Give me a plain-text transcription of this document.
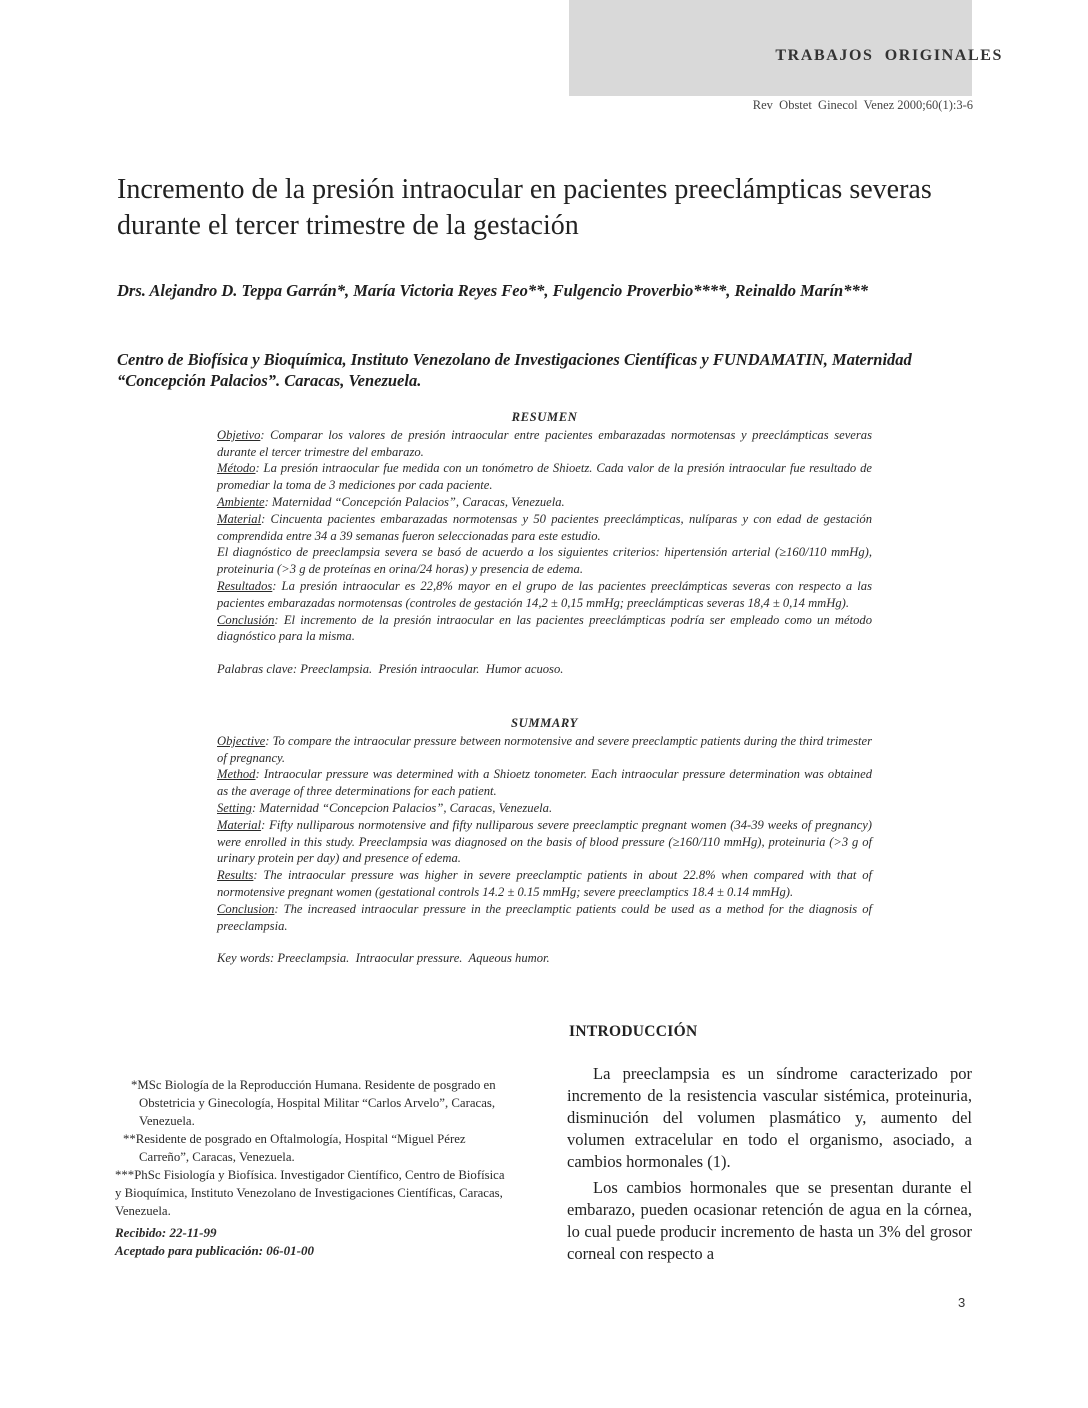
TRABAJOS  ORIGINALES
Rev  Obstet  Ginecol  Venez 2000;60(1):3-6
Incremento de la presión intraocular en pacientes preeclámpticas severas durante el tercer trimestre de la gestación

Drs. Alejandro D. Teppa Garrán*, María Victoria Reyes Feo**, Fulgencio Proverbio****, Reinaldo Marín***

Centro de Biofísica y Bioquímica, Instituto Venezolano de Investigaciones Científicas y FUNDAMATIN, Maternidad “Concepción Palacios”. Caracas, Venezuela.

RESUMEN

Objetivo: Comparar los valores de presión intraocular entre pacientes embarazadas normotensas y preeclámpticas severas durante el tercer trimestre del embarazo.

Método: La presión intraocular fue medida con un tonómetro de Shioetz. Cada valor de la presión intraocular fue resultado de promediar la toma de 3 mediciones por cada paciente.

Ambiente: Maternidad “Concepción Palacios”, Caracas, Venezuela.

Material: Cincuenta pacientes embarazadas normotensas y 50 pacientes preeclámpticas, nulíparas y con edad de gestación comprendida entre 34 a 39 semanas fueron seleccionadas para este estudio.

El diagnóstico de preeclampsia severa se basó de acuerdo a los siguientes criterios: hipertensión arterial (≥160/110 mmHg), proteinuria (>3 g de proteínas en orina/24 horas) y presencia de edema.

Resultados: La presión intraocular es 22,8% mayor en el grupo de las pacientes preeclámpticas severas con respecto a las pacientes embarazadas normotensas (controles de gestación 14,2 ± 0,15 mmHg; preeclámpticas severas 18,4 ± 0,14 mmHg).

Conclusión: El incremento de la presión intraocular en las pacientes preeclámpticas podría ser empleado como un método diagnóstico para la misma.

Palabras clave: Preeclampsia.  Presión intraocular.  Humor acuoso.

SUMMARY

Objective: To compare the intraocular pressure between normotensive and severe preeclamptic patients during the third trimester of pregnancy.

Method: Intraocular pressure was determined with a Shioetz tonometer. Each intraocular pressure determination was obtained as the average of three determinations for each patient.

Setting: Maternidad “Concepcion Palacios”, Caracas, Venezuela.

Material: Fifty nulliparous normotensive and fifty nulliparous severe preeclamptic pregnant women (34-39 weeks of pregnancy) were enrolled in this study. Preeclampsia was diagnosed on the basis of blood pressure (≥160/110 mmHg), proteinuria (>3 g of urinary protein per day) and presence of edema.

Results: The intraocular pressure was higher in severe preeclamptic patients in about 22.8% when compared with that of normotensive pregnant women (gestational controls 14.2 ± 0.15 mmHg; severe preeclamptics 18.4 ± 0.14 mmHg).

Conclusion: The increased intraocular pressure in the preeclamptic patients could be used as a method for the diagnosis of preeclampsia.

Key words: Preeclampsia.  Intraocular pressure.  Aqueous humor.

*MSc Biología de la Reproducción Humana. Residente de posgrado en Obstetricia y Ginecología, Hospital Militar “Carlos Arvelo”, Caracas, Venezuela.

**Residente de posgrado en Oftalmología, Hospital “Miguel Pérez Carreño”, Caracas, Venezuela.

***PhSc Fisiología y Biofísica. Investigador Científico, Centro de Biofísica y Bioquímica, Instituto Venezolano de Investigaciones Científicas, Caracas, Venezuela.

Recibido: 22-11-99

Aceptado para publicación: 06-01-00

INTRODUCCIÓN

La preeclampsia es un síndrome caracterizado por incremento de la resistencia vascular sistémica, proteinuria, disminución del volumen plasmático y, aumento del volumen extracelular en todo el organismo, asociado, a cambios hormonales (1).

Los cambios hormonales que se presentan durante el embarazo, pueden ocasionar retención de agua en la córnea, lo cual puede producir incremento de hasta un 3% del grosor corneal con respecto a

3
